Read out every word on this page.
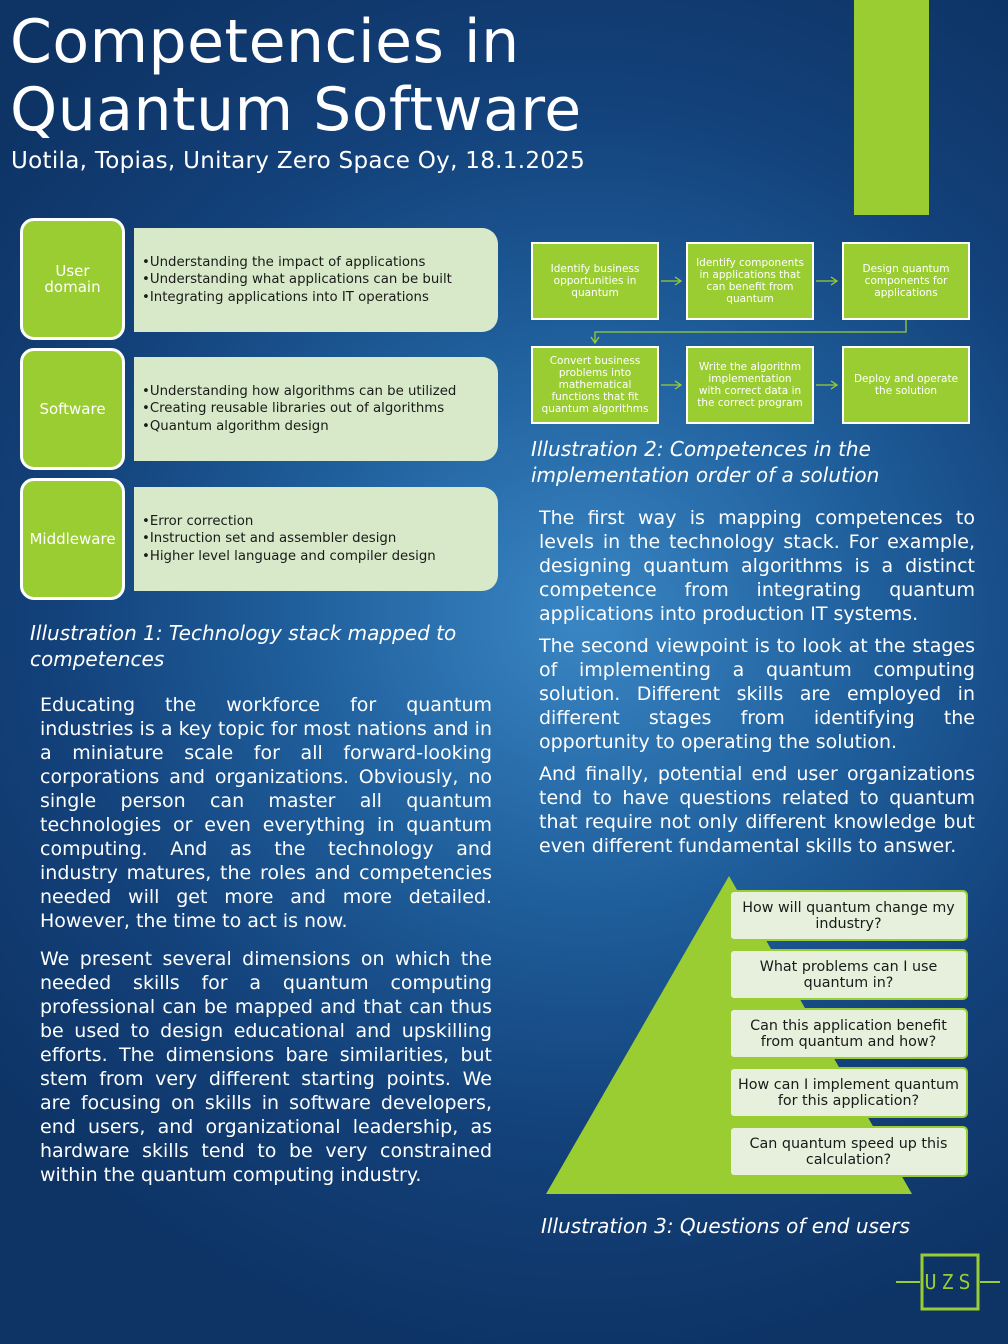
Competencies in
Quantum Software
Uotila, Topias, Unitary Zero Space Oy, 18.1.2025
User
domain
•Understanding the impact of applications
•Understanding what applications can be built
•Integrating applications into IT operations
Software
•Understanding how algorithms can be utilized
•Creating reusable libraries out of algorithms
•Quantum algorithm design
Middleware
•Error correction
•Instruction set and assembler design
•Higher level language and compiler design
Illustration 1: Technology stack mapped to
competences
Identify business opportunities in quantum
Identify components in applications that can benefit from quantum
Design quantum components for applications
Convert business problems into mathematical functions that fit quantum algorithms
Write the algorithm implementation with correct data in the correct program
Deploy and operate the solution
Illustration 2: Competences in the
implementation order of a solution

Educating the workforce for quantum industries is a key topic for most nations and in a miniature scale for all forward-looking corporations and organizations. Obviously, no single person can master all quantum technologies or even everything in quantum computing. And as the technology and industry matures, the roles and competencies needed will get more and more detailed. However, the time to act is now.

We present several dimensions on which the needed skills for a quantum computing professional can be mapped and that can thus be used to design educational and upskilling efforts. The dimensions bare similarities, but stem from very different starting points. We are focusing on skills in software developers, end users, and organizational leadership, as hardware skills tend to be very constrained within the quantum computing industry.

The first way is mapping competences to levels in the technology stack. For example, designing quantum algorithms is a distinct competence from integrating quantum applications into production IT systems.

The second viewpoint is to look at the stages of implementing a quantum computing solution. Different skills are employed in different stages from identifying the opportunity to operating the solution.

And finally, potential end user organizations tend to have questions related to quantum that require not only different knowledge but even different fundamental skills to answer.

How will quantum change my industry?
What problems can I use quantum in?
Can this application benefit from quantum and how?
How can I implement quantum for this application?
Can quantum speed up this calculation?
Illustration 3: Questions of end users
UZS
